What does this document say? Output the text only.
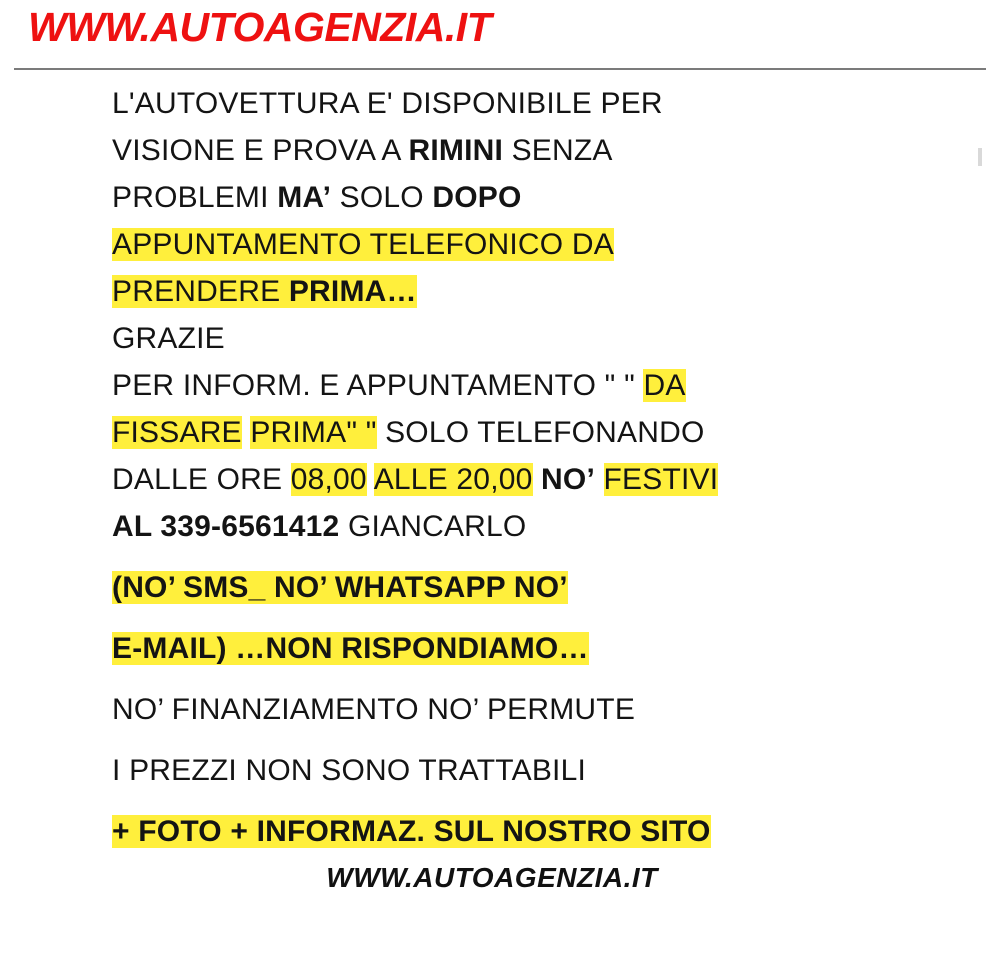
WWW.AUTOAGENZIA.IT
L'AUTOVETTURA E' DISPONIBILE PER
VISIONE E PROVA A RIMINI SENZA
PROBLEMI MA’ SOLO DOPO
APPUNTAMENTO TELEFONICO DA
PRENDERE PRIMA…
GRAZIE
PER INFORM. E APPUNTAMENTO " " DA
FISSARE PRIMA" " SOLO TELEFONANDO
DALLE ORE 08,00 ALLE 20,00 NO’ FESTIVI
AL 339-6561412 GIANCARLO
(NO’ SMS_ NO’ WHATSAPP NO’
E-MAIL) …NON RISPONDIAMO…
NO’ FINANZIAMENTO NO’ PERMUTE
I PREZZI NON SONO TRATTABILI
+ FOTO + INFORMAZ. SUL NOSTRO SITO
WWW.AUTOAGENZIA.IT
